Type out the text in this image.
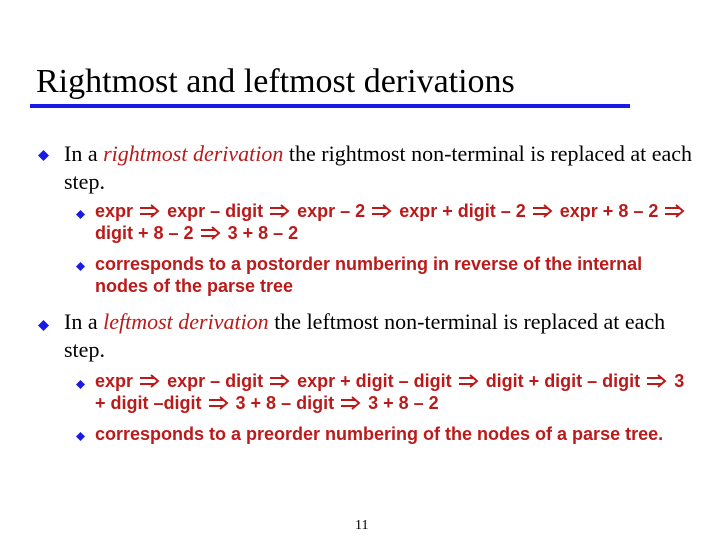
Rightmost and leftmost derivations
In a rightmost derivation the rightmost non-terminal is replaced at each step.
expr expr – digit expr – 2 expr + digit – 2 expr + 8 – 2  digit + 8 – 2 3 + 8 – 2
corresponds to a postorder numbering in reverse of the internal nodes of the parse tree
In a leftmost derivation the leftmost non-terminal is replaced at each step.
expr expr – digit expr + digit – digit digit + digit – digit 3 + digit –digit 3 + 8 – digit 3 + 8 – 2
corresponds to a preorder numbering of the nodes of a parse tree.
11
